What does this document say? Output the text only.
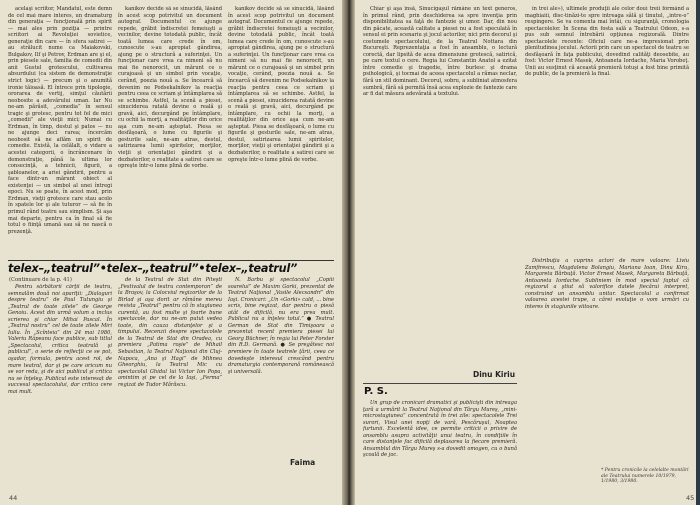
acelaşi scriitor, Mandatul, este demn de cel mai mare interes, un dramaturg din generaţia — funcţională prin spirit — mai ales prin poziţia — printre scriitori ai Revoluţiei sovietice, generaţie din care — în sfera satirei — au strălucit nume ca Maiakovski, Bulgakov, Ilf şi Petrov, Erdman are şi el, prin piesele sale, familia de comedii din anii Gustul grotescului, cultivarea absurdului (ca sistem de demonstraţie strict logic) — precum şi o anumită ironie tăioasă. El întrece prin tipologie, ororarea de vertij, simţul căutării neobosite a adevărului uman. Iar Nu ne-am părăsit, „comedia” în sensul tragic şi grotesc, pentru tot fel de mici „comedii” ale vieţii mici; Numai cu Erdman, în timp, destul şi patos — nu ne ajunge deci rarea; încercăm neobosit să ne aflăm un spirit de comedie. Există, la celălalt, o vidare a acestei categorii, o încrâncenare în demonstraţie, până la ultima lor consecinţă, a tehnicii, figurii, a şabloanelor, a ariei gândirii, pentru a face dintr-un mărunt obiect al existenţei — un simbol al unei întregi epoci. Nu se poate, în acest mod, prin Erdman, vieţii grotesce care stau acolo în spatele lor şi ale tuturor — să fie în primul rând teatru sau simplism. Şi aşa mai departe, pentru ca în final să fie totul o fiinţă umană sau să ne nască o prezenţă.

kanikov decide să se sinucidă, lăsând în acest scop potrivitul un document autograf. Documentul ce ajunge repede, grăbit îndiscretei femeiuşti a vecinilor, devine totodată public, încât toată lumea care crede în om, cunoscute s-au apropiat gândirea, ajung pe o structură a suferinţei. Un funcţionar care vrea ca nimeni să nu mai fie nenorocit, un mărunt ce o curajoasă şi un simbol prin vocaţie, cerând, poezia nouă a. Se încearcă să devenim ne Podsekalnikov la reacţia pentru ceea ce scriam şi întâmplarea să se schimbe. Astfel, la scenă a piesei, sinuciderea ratată devine o reală şi gravă, aici, decurgând pe întâmplare, cu ochii la morţi, a realităţilor din orice aşa cum ne-am aşteptat. Piesa se desfăşoară, o lume cu figurile şi gesturile sale, ne-am atras, destul, satirizarea lumii spiritelor, morţilor, vieţii şi orientaţiei gândirii şi a dezbaterilor, o realitate a satirei care se opreşte într-o lume plină de vorbe.

kanikov decide să se sinucidă, lăsând în acest scop potrivitul un document autograf. Documentul ce ajunge repede, grăbit îndiscretei femeiuşti a vecinilor, devine totodată public, încât toată lumea care crede în om, cunoscute s-au apropiat gândirea, ajung pe o structură a suferinţei. Un funcţionar care vrea ca nimeni să nu mai fie nenorocit, un mărunt ce o curajoasă şi un simbol prin vocaţie, cerând, poezia nouă a. Se încearcă să devenim ne Podsekalnikov la reacţia pentru ceea ce scriam şi întâmplarea să se schimbe. Astfel, la scenă a piesei, sinuciderea ratată devine o reală şi gravă, aici, decurgând pe întâmplare, cu ochii la morţi, a realităţilor din orice aşa cum ne-am aşteptat. Piesa se desfăşoară, o lume cu figurile şi gesturile sale, ne-am atras, destul, satirizarea lumii spiritelor, morţilor, vieţii şi orientaţiei gândirii şi a dezbaterilor, o realitate a satirei care se opreşte într-o lume plină de vorbe.

telex–„teatrul”•telex–„teatrul”•telex–„teatrul”
(Continuare de la p. 41)

Pentru sărbătorii cărţii de teatru, semnalăm două noi apariţii: „Dialoguri despre teatru” de Paul Tutungiu şi „Teatrul de toate zilele” de George Genoiu. Acest din urmă volum a inclus scrierea şi chiar Mihai Pascal. În „Teatrul nostru” cel de toate zilele Miri Iuliu. În „Scînteia” din 24 mai 1980, Valeriu Râpeanu face publice, sub titlul „Spectacolul, critica teatrală şi publicul”, o serie de reflecţii ce se pot, aşadar, formula, pentru acest rol, de mare teatral, dar şi pe care oricum nu se vor reda, şi de aici publicul şi critica nu se înţeleg. Publicul este interesat de succesul spectacolului, dar critica cere mai mult.

de la Teatrul de Stat din Piteşti „Festivalul de teatru contemporan” de la Braşov, la Colocviul regizorilor de la Birlad şi aşa dorit ar rămâne mereu revista „Teatrul” pentru că în stagiunea curentă, au fost multe şi foarte bune spectacole, dar nu ne-am putut vedea toate, din cauza distanţelor şi a timpului. Recenzii despre spectacolele de la Teatrul de Stat din Oradea, cu premiera „Patima roşie” de Mihail Sebastian, la Teatrul Naţional din Cluj-Napoca, „Ana şi Hagi” de Mihnea Gheorghiu, la Teatrul Mic cu spectacolul Ghidul lui Victor Ion Popa, amintim şi pe cel de la Iaşi, „Ferma” regizat de Tudor Mărăscu.

N. Barbu şi spectacolul „Copiii soarelui” de Maxim Gorki, prezentat de Teatrul Naţional „Vasile Alecsandri” din Iaşi. Cronicari: „Un «Gorki» cald, ... bine scris, bine regizat, dar pentru o piesă atât de dificilă, nu era prea mult. Publicul nu a înţeles totul.” ● Teatrul German de Stat din Timişoara a prezentat recent premiera piesei lui Georg Büchner, în regia lui Peter Forster din R.D. Germană. ● Se pregătesc noi premiere în toate teatrele ţării, ceea ce dovedeşte interesul crescând pentru dramaturgia contemporană românească şi universală.

Faima
44

Chiar şi aşa însă, Sinucigaşul rămâne un text generos, în primul rând, prin deschiderea sa spre invenţia prin disponibilitatea sa faţă de fantezie şi umor. Dar, din nou din păcate, această calitate a piesei nu a fost speculată în sensul ei prin scenariu şi jocul actorilor, nici prin decorul şi costumele spectacolului, de la Teatrul Nottara din Bucureşti. Reprezentaţia a fost în ansamblu, o lectură corectă, dar lipsită de acea dimensiune grotescă, satirică, pe care textul o cere. Regia lui Constantin Anatol a ezitat între comedie şi tragedie, între burlesc şi drama psihologică, şi tocmai de aceea spectacolul a rămas neclar, fără un stil dominant. Decorul, sobru, a subliniat atmosfera sumbră, fără să permită însă acea explozie de fantezie care ar fi dat măsura adevărată a textului.

Dinu Kiriu
P. S.

Un grup de cronicari dramatici şi publicişti din întreaga ţară a urmărit la Teatrul Naţional din Târgu Mureş, „mini-microstagiunea” concentrată în trei zile: spectacolele Trei surori, Visul unei nopţi de vară, Pescăruşul, Noaptea furtunii. Excelentă idee, ce permite criticii o privire de ansamblu asupra activităţii unui teatru, în condiţiile în care distanţele fac dificilă deplasarea la fiecare premieră. Ansamblul din Târgu Mureş s-a dovedit omogen, cu o bună şcoală de joc.

în trei ale»), ultimele produţii ale celor doui treii formând a maghiaiii, disc-tinăzi-te spre intreaga sălă şi tinutul, „intre-o” respingere. Se va comenta mai întâi, cu siguranţă, cronologia spectacolelor. În Scena din fosta sală a Teatrului Odeon, s-a pus sub semnul întrebării opţiunea regizorală. Dintre spectacolele recente: Oficiul care ne-a impresionat prin plenitudinea jocului. Actorii prin care un spectacol de teatru se desfăşoară în faţa publicului, dovedind calităţi deosebite, au fost: Victor Ernest Masek, Antoaneta Iordache, Maria Vorobeţ. Unii au susţinut că această premieră totuşi a fost bine primită de public, de la premieră la final.

Distribuţia a cuprins actori de mare valoare: Liviu Zamfirescu, Magdalena Bolangiu, Mariana Ioan, Dinu Kiru, Margareta Bărbuţă. Victor Ernest Masek, Margareta Bărbuţă, Antoaneta Iordache. Subliniem în mod special faptul că regizorul a ştiut să valorifice datele fiecărui interpret, construind un ansamblu unitar. Spectacolul a confirmat valoarea acestei trupe, a cărei evoluţie o vom urmări cu interes în stagiunile viitoare.

* Pentru cronicile la celelalte montări ale Teatrului numerele 10/1979, 1/1980, 3/1980.
45
